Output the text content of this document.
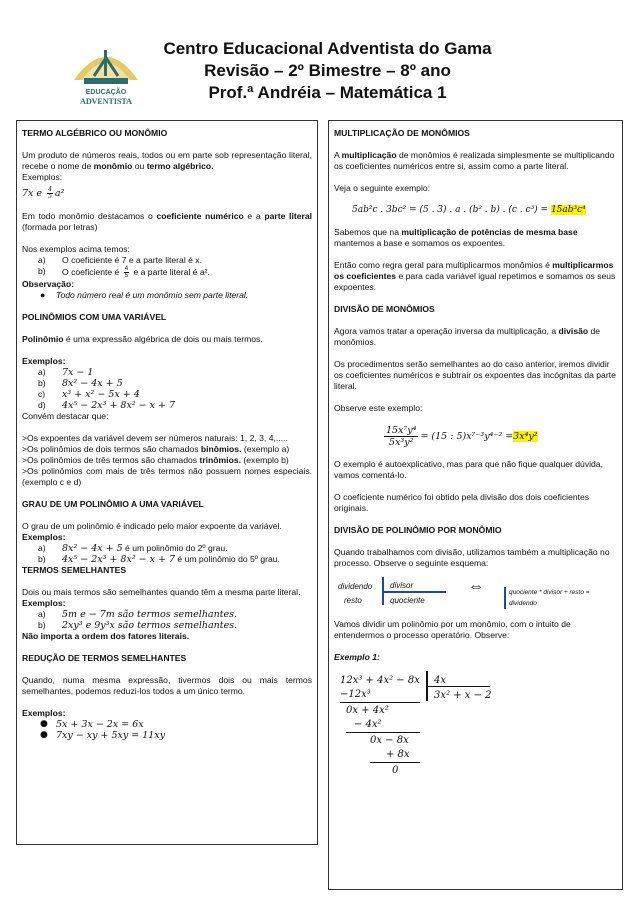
EDUCAÇÃO
ADVENTISTA
Centro Educacional Adventista do Gama
Revisão – 2º Bimestre – 8º ano
Prof.ª Andréia – Matemática 1
TERMO ALGÉBRICO OU MONÔMIO
Um produto de números reais, todos ou em parte sob representação literal, recebe o nome de monômio ou termo algébrico.
Exemplos:
7x e $\frac{4}{5} a^2$
Em todo monômio destacamos o coeficiente numérico e a parte literal (formada por letras)
Nos exemplos acima temos:
a)	O coeficiente é 7 e a parte literal é x.
b)	O coeficiente é $\frac{4}{5}$ e a parte literal é a².
Observação:
●	Todo número real é um monômio sem parte literal.
POLINÔMIOS COM UMA VARIÁVEL
Polinômio é uma expressão algébrica de dois ou mais termos.
Exemplos:
a)	7x − 1
b)	8x² − 4x + 5
c)	x³ + x² − 5x + 4
d)	4x⁵ − 2x³ + 8x² − x + 7
Convém destacar que:
>Os expoentes da variável devem ser números naturais: 1, 2, 3, 4,.....
>Os polinômios de dois termos são chamados binômios. (exemplo a)
>Os polinômios de três termos são chamados trinômios. (exemplo b)
>Os polinômios com mais de três termos não possuem nomes especiais. (exemplo c e d)
GRAU DE UM POLINÔMIO A UMA VARIÁVEL
O grau de um polinômio é indicado pelo maior expoente da variável.
Exemplos:
a)	8x² − 4x + 5 é um polinômio do 2º grau.
b)	4x⁵ − 2x³ + 8x² − x + 7 é um polinômio do 5º grau.
TERMOS SEMELHANTES
Dois ou mais termos são semelhantes quando têm a mesma parte literal.
Exemplos:
a)	5m e − 7m são termos semelhantes.
b)	2xy³ e 9y³x são termos semelhantes.
Não importa a ordem dos fatores literais.
REDUÇÃO DE TERMOS SEMELHANTES
Quando, numa mesma expressão, tivermos dois ou mais termos semelhantes, podemos reduzi-los todos a um único termo.
Exemplos:
● 5x + 3x − 2x = 6x
● 7xy − xy + 5xy = 11xy
MULTIPLICAÇÃO DE MONÔMIOS
A multiplicação de monômios é realizada simplesmente se multiplicando os coeficientes numéricos entre si, assim como a parte literal.
Veja o seguinte exemplo:
5ab²c . 3bc² = (5 . 3) . a . (b² . b) . (c . c³) = 15ab³c⁴
Sabemos que na multiplicação de potências de mesma base mantemos a base e somamos os expoentes.
Então como regra geral para multiplicarmos monômios é multiplicarmos os coeficientes e para cada variável igual repetimos e somamos os seus expoentes.
DIVISÃO DE MONÔMIOS
Agora vamos tratar a operação inversa da multiplicação, a divisão de monômios.
Os procedimentos serão semelhantes ao do caso anterior, iremos dividir os coeficientes numéricos e subtrair os expoentes das incógnitas da parte literal.
Observe este exemplo:
$\frac{\text{15x⁷y⁴}}{\text{5x³y²}} = (15$ : 5)x⁷⁻³y⁴⁻² = 3x⁴y²
O exemplo é autoexplicativo, mas para que não fique qualquer dúvida, vamos comentá-lo.
O coeficiente numérico foi obtido pela divisão dos dois coeficientes originais.
DIVISÃO DE POLINÔMIO POR MONÔMIO
Quando trabalhamos com divisão, utilizamos também a multiplicação no processo. Observe o seguinte esquema:
dividendo
resto
divisor
quociente
⇔	quociente * divisor + resto = dividendo
Vamos dividir um polinômio por um monômio, com o intuito de entendermos o processo operatório. Observe:
Exemplo 1:
12x³ + 4x² − 8x 4x
3x² + x − 2
−12x³
0x + 4x²
− 4x²
0x − 8x
+ 8x
0
